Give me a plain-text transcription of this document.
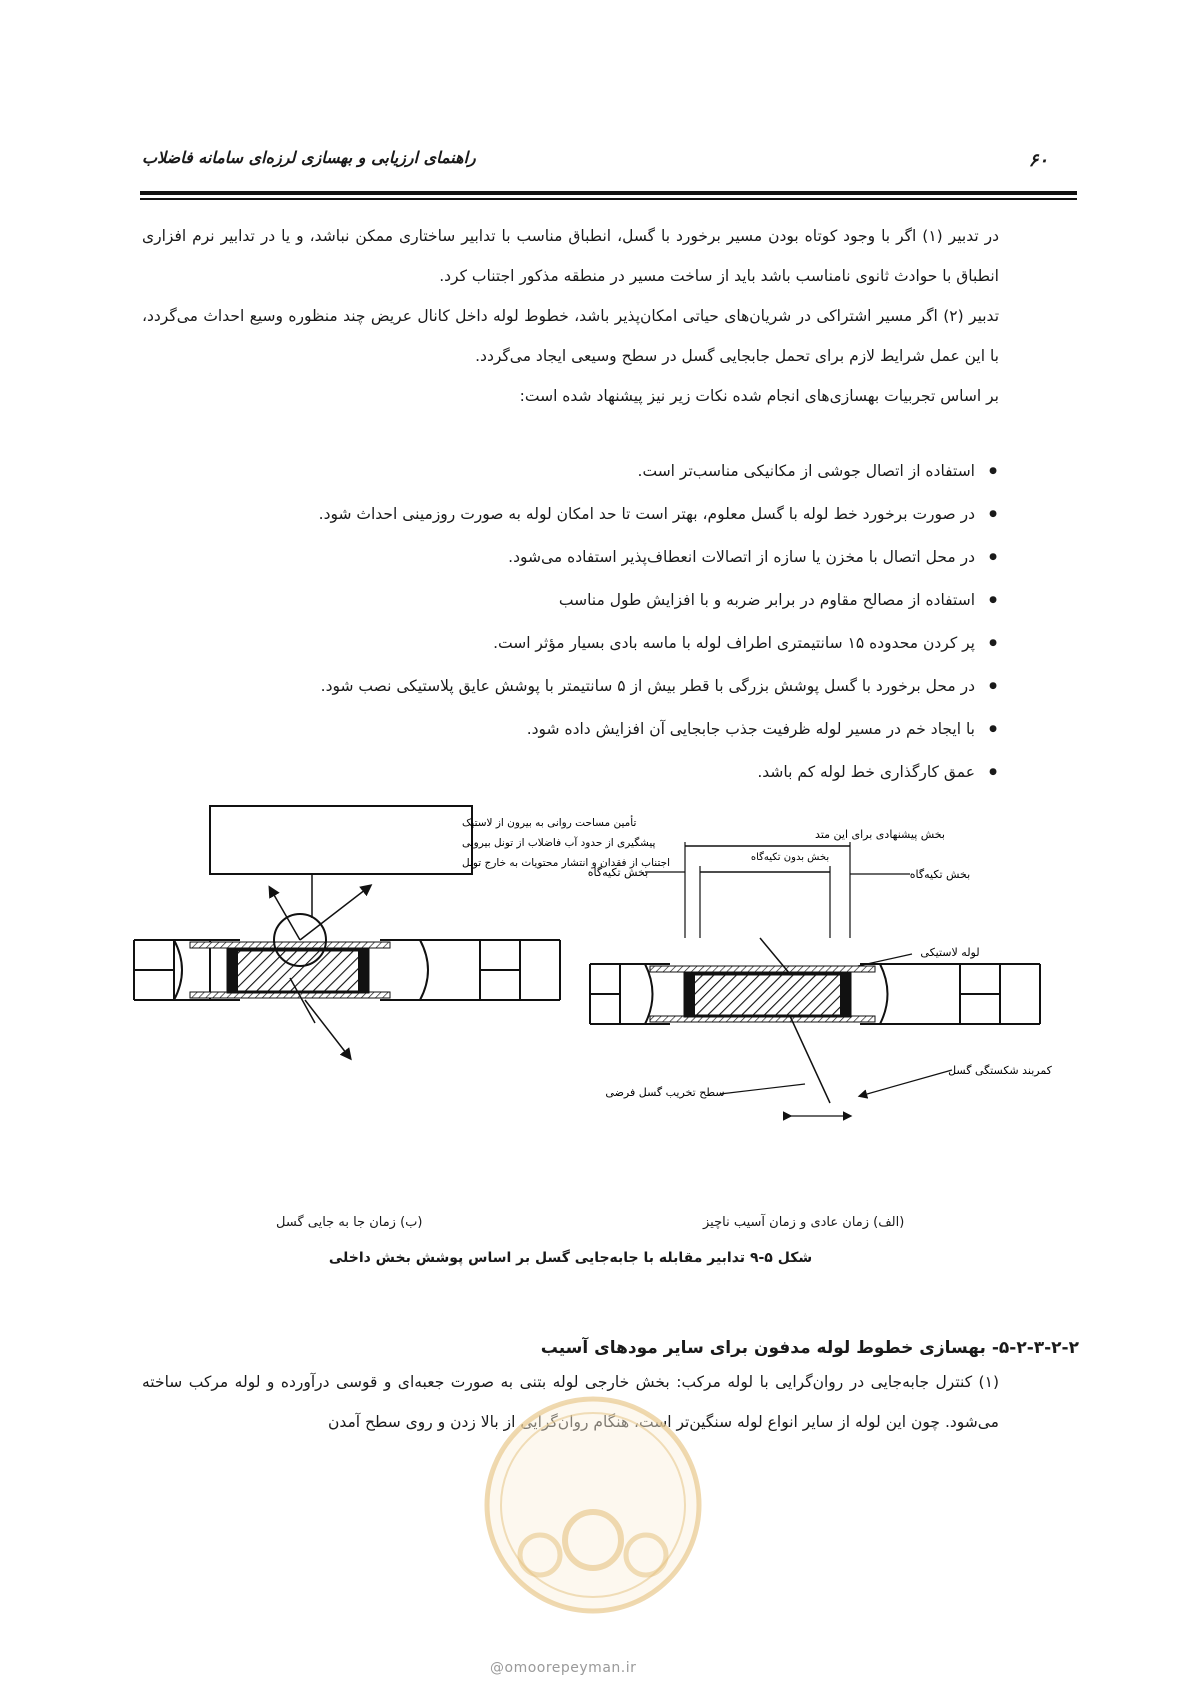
راهنمای ارزیابی و بهسازی لرزه‌ای سامانه فاضلاب	۶۰

در تدبیر (۱) اگر با وجود کوتاه بودن مسیر برخورد با گسل، انطباق مناسب با تدابیر ساختاری ممکن نباشد، و یا در تدابیر نرم افزاری انطباق با حوادث ثانوی نامناسب باشد باید از ساخت مسیر در منطقه مذکور اجتناب کرد.

تدبیر (۲) اگر مسیر اشتراکی در شریان‌های حیاتی امکان‌پذیر باشد، خطوط لوله داخل کانال عریض چند منظوره وسیع احداث می‌گردد، با این عمل شرایط لازم برای تحمل جابجایی گسل در سطح وسیعی ایجاد می‌گردد.

بر اساس تجربیات بهسازی‌های انجام شده نکات زیر نیز پیشنهاد شده است:

● استفاده از اتصال جوشی از مکانیکی مناسب‌تر است.
● در صورت برخورد خط لوله با گسل معلوم، بهتر است تا حد امکان لوله به صورت روزمینی احداث شود.
● در محل اتصال با مخزن یا سازه از اتصالات انعطاف‌پذیر استفاده می‌شود.
● استفاده از مصالح مقاوم در برابر ضربه و با افزایش طول مناسب
● پر کردن محدوده ۱۵ سانتیمتری اطراف لوله با ماسه بادی بسیار مؤثر است.
● در محل برخورد با گسل پوشش بزرگی با قطر بیش از ۵ سانتیمتر با پوشش عایق پلاستیکی نصب شود.
● با ایجاد خم در مسیر لوله ظرفیت جذب جابجایی آن افزایش داده شود.
● عمق کارگذاری خط لوله کم باشد.
تأمین مساحت روانی به بیرون از لاستیک
پیشگیری از حدود آب فاضلاب از تونل بیرونی
اجتناب از فقدان و انتشار محتویات به خارج تونل
بخش پیشنهادی برای این متد
بخش بدون تکیه‌گاه
بخش تکیه‌گاه	بخش تکیه‌گاه
لوله لاستیکی
کمربند شکستگی گسل
سطح تخریب گسل فرضی
(ب) زمان جا به جایی گسل	(الف) زمان عادی و زمان آسیب ناچیز
شکل ۵-۹ تدابیر مقابله با جابه‌جایی گسل بر اساس پوشش بخش داخلی
۵-۲-۳-۲-۲- بهسازی خطوط لوله مدفون برای سایر مودهای آسیب

(۱) کنترل جابه‌جایی در روان‌گرایی با لوله مرکب: بخش خارجی لوله بتنی به صورت جعبه‌ای و قوسی درآورده و لوله مرکب ساخته می‌شود. چون این لوله از سایر انواع لوله سنگین‌تر است، هنگام روان‌گرایی از بالا زدن و روی سطح آمدن

@omoorepeyman.ir
